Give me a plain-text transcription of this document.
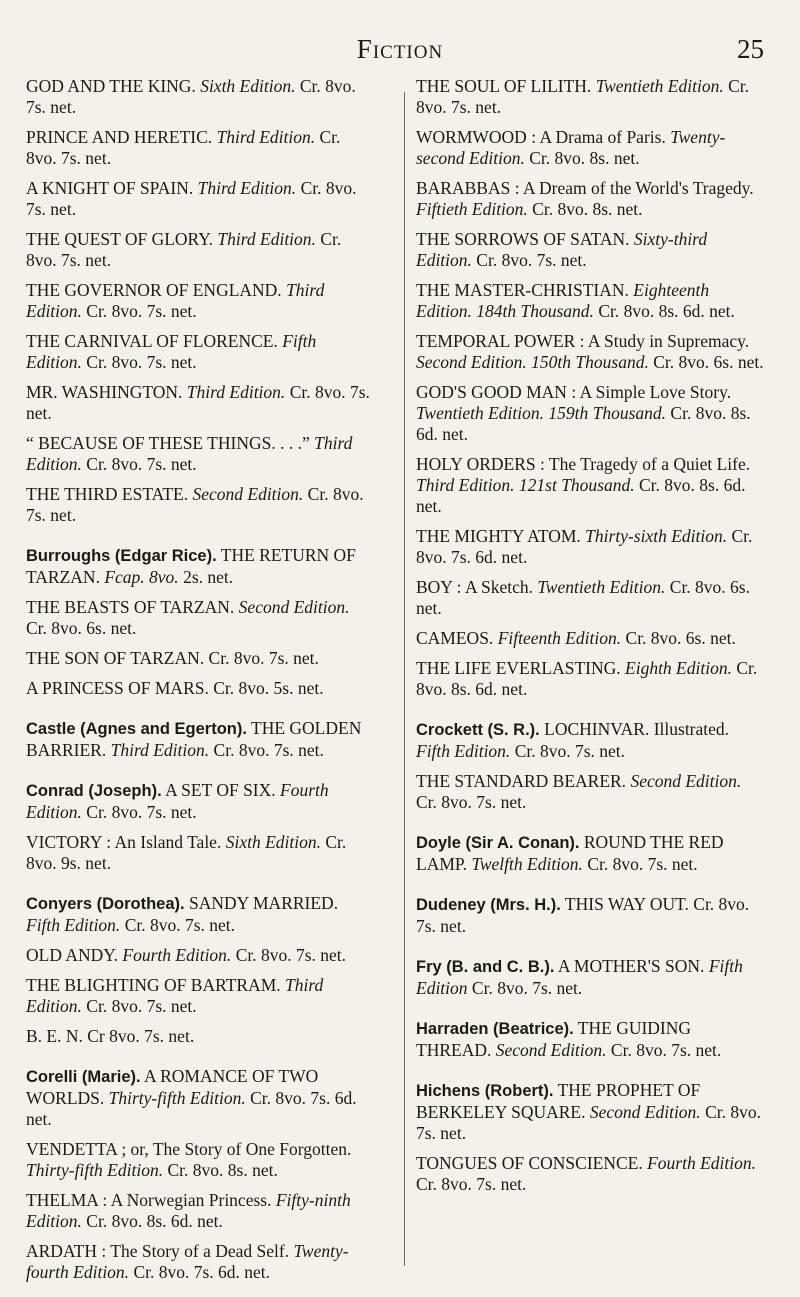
Fiction	25
GOD AND THE KING. Sixth Edition. Cr. 8vo. 7s. net.
PRINCE AND HERETIC. Third Edition. Cr. 8vo. 7s. net.
A KNIGHT OF SPAIN. Third Edition. Cr. 8vo. 7s. net.
THE QUEST OF GLORY. Third Edition. Cr. 8vo. 7s. net.
THE GOVERNOR OF ENGLAND. Third Edition. Cr. 8vo. 7s. net.
THE CARNIVAL OF FLORENCE. Fifth Edition. Cr. 8vo. 7s. net.
MR. WASHINGTON. Third Edition. Cr. 8vo. 7s. net.
“ BECAUSE OF THESE THINGS. . . .” Third Edition. Cr. 8vo. 7s. net.
THE THIRD ESTATE. Second Edition. Cr. 8vo. 7s. net.
Burroughs (Edgar Rice). THE RETURN OF TARZAN. Fcap. 8vo. 2s. net.
THE BEASTS OF TARZAN. Second Edition. Cr. 8vo. 6s. net.
THE SON OF TARZAN. Cr. 8vo. 7s. net.
A PRINCESS OF MARS. Cr. 8vo. 5s. net.
Castle (Agnes and Egerton). THE GOLDEN BARRIER. Third Edition. Cr. 8vo. 7s. net.
Conrad (Joseph). A SET OF SIX. Fourth Edition. Cr. 8vo. 7s. net.
VICTORY : An Island Tale. Sixth Edition. Cr. 8vo. 9s. net.
Conyers (Dorothea). SANDY MARRIED. Fifth Edition. Cr. 8vo. 7s. net.
OLD ANDY. Fourth Edition. Cr. 8vo. 7s. net.
THE BLIGHTING OF BARTRAM. Third Edition. Cr. 8vo. 7s. net.
B. E. N. Cr 8vo. 7s. net.
Corelli (Marie). A ROMANCE OF TWO WORLDS. Thirty-fifth Edition. Cr. 8vo. 7s. 6d. net.
VENDETTA ; or, The Story of One Forgotten. Thirty-fifth Edition. Cr. 8vo. 8s. net.
THELMA : A Norwegian Princess. Fifty-ninth Edition. Cr. 8vo. 8s. 6d. net.
ARDATH : The Story of a Dead Self. Twenty-fourth Edition. Cr. 8vo. 7s. 6d. net.
THE SOUL OF LILITH. Twentieth Edition. Cr. 8vo. 7s. net.
WORMWOOD : A Drama of Paris. Twenty-second Edition. Cr. 8vo. 8s. net.
BARABBAS : A Dream of the World's Tragedy. Fiftieth Edition. Cr. 8vo. 8s. net.
THE SORROWS OF SATAN. Sixty-third Edition. Cr. 8vo. 7s. net.
THE MASTER-CHRISTIAN. Eighteenth Edition. 184th Thousand. Cr. 8vo. 8s. 6d. net.
TEMPORAL POWER : A Study in Supremacy. Second Edition. 150th Thousand. Cr. 8vo. 6s. net.
GOD'S GOOD MAN : A Simple Love Story. Twentieth Edition. 159th Thousand. Cr. 8vo. 8s. 6d. net.
HOLY ORDERS : The Tragedy of a Quiet Life. Third Edition. 121st Thousand. Cr. 8vo. 8s. 6d. net.
THE MIGHTY ATOM. Thirty-sixth Edition. Cr. 8vo. 7s. 6d. net.
BOY : A Sketch. Twentieth Edition. Cr. 8vo. 6s. net.
CAMEOS. Fifteenth Edition. Cr. 8vo. 6s. net.
THE LIFE EVERLASTING. Eighth Edition. Cr. 8vo. 8s. 6d. net.
Crockett (S. R.). LOCHINVAR. Illustrated. Fifth Edition. Cr. 8vo. 7s. net.
THE STANDARD BEARER. Second Edition. Cr. 8vo. 7s. net.
Doyle (Sir A. Conan). ROUND THE RED LAMP. Twelfth Edition. Cr. 8vo. 7s. net.
Dudeney (Mrs. H.). THIS WAY OUT. Cr. 8vo. 7s. net.
Fry (B. and C. B.). A MOTHER'S SON. Fifth Edition Cr. 8vo. 7s. net.
Harraden (Beatrice). THE GUIDING THREAD. Second Edition. Cr. 8vo. 7s. net.
Hichens (Robert). THE PROPHET OF BERKELEY SQUARE. Second Edition. Cr. 8vo. 7s. net.
TONGUES OF CONSCIENCE. Fourth Edition. Cr. 8vo. 7s. net.
